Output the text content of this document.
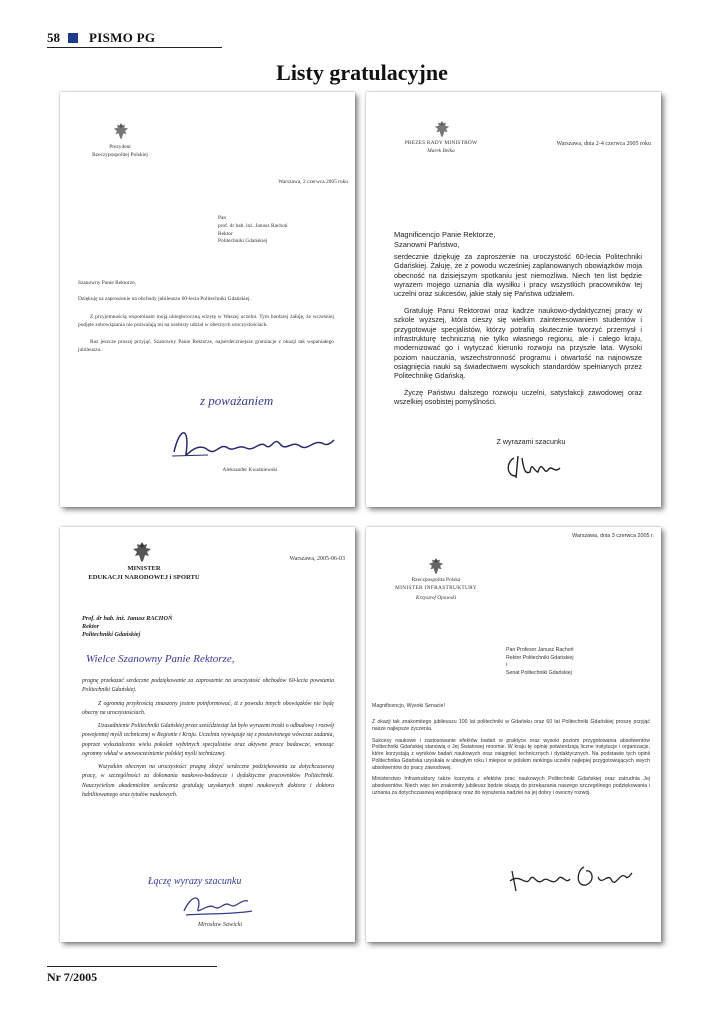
58 PISMO PG
Listy gratulacyjne
Prezydent
Rzeczypospolitej Polskiej
Warszawa, 2 czerwca 2005 roku
Pan
prof. dr hab. inż. Janusz Rachoń
Rektor
Politechniki Gdańskiej
Szanowny Panie Rektorze,

Dziękuję za zaproszenie na obchody jubileuszu 60-lecia Politechniki Gdańskiej.

Z przyjemnością wspominam moją ubiegłoroczną wizytę w Waszej uczelni. Tym bardziej żałuję, że wcześniej podjęte zobowiązania nie pozwalają mi na osobisty udział w obecnych uroczystościach.

Raz jeszcze proszę przyjąć, Szanowny Panie Rektorze, najserdeczniejsze gratulacje z okazji tak wspaniałego jubileuszu.

z poważaniem
Aleksander Kwaśniewski
PREZES RADY MINISTRÓW
Marek Belka
Warszawa, dnia 2-4 czerwca 2005 roku
Magnificencjo Panie Rektorze,
Szanowni Państwo,

serdecznie dziękuję za zaproszenie na uroczystość 60-lecia Politechniki Gdańskiej. Żałuję, że z powodu wcześniej zaplanowanych obowiązków moja obecność na dzisiejszym spotkaniu jest niemożliwa. Niech ten list będzie wyrazem mojego uznania dla wysiłku i pracy wszystkich pracowników tej uczelni oraz sukcesów, jakie stały się Państwa udziałem.

Gratuluję Panu Rektorowi oraz kadrze naukowo-dydaktycznej pracy w szkole wyższej, która cieszy się wielkim zainteresowaniem studentów i przygotowuje specjalistów, którzy potrafią skutecznie tworzyć przemysł i infrastrukturę techniczną nie tylko własnego regionu, ale i całego kraju, modernizować go i wytyczać kierunki rozwoju na przyszłe lata. Wysoki poziom nauczania, wszechstronność programu i otwartość na najnowsze osiągnięcia nauki są świadectwem wysokich standardów spełnianych przez Politechnikę Gdańską.

Życzę Państwu dalszego rozwoju uczelni, satysfakcji zawodowej oraz wszelkiej osobistej pomyślności.

Z wyrazami szacunku
MINISTER
EDUKACJI NARODOWEJ i SPORTU
Warszawa, 2005-06-03
Prof. dr hab. inż. Janusz RACHOŃ
Rektor
Politechniki Gdańskiej
Wielce Szanowny Panie Rektorze,

pragnę przekazać serdeczne podziękowanie za zaproszenie na uroczystość obchodów 60-lecia powstania Politechniki Gdańskiej.

Z ogromną przykrością zmuszony jestem poinformować, iż z powodu innych obowiązków nie będę obecny na uroczystościach.

Uzasadnienie Politechniki Gdańskiej przez sześćdziesiąt lat było wyrazem troski o odbudowę i rozwój powojennej myśli technicznej w Regionie i Kraju. Uczelnia wywiązuje się z postawionego wówczas zadania, poprzez wykształcenie wielu pokoleń wybitnych specjalistów oraz aktywne prace badawcze, wnosząc ogromny wkład w unowocześnienie polskiej myśli technicznej.

Wszystkim obecnym na uroczystości pragnę złożyć serdeczne podziękowania za dotychczasową pracę, w szczególności za dokonania naukowo-badawcze i dydaktyczne pracowników Politechniki. Nauczycielom akademickim serdecznie gratuluję uzyskanych stopni naukowych doktora i doktora habilitowanego oraz tytułów naukowych.

Łączę wyrazy szacunku
Mirosław Sawicki
Warszawa, dnia 3 czerwca 2005 r.
Rzeczpospolita Polska
MINISTER INFRASTRUKTURY
Krzysztof Opawski
Pan Profesor Janusz Rachoń
Rektor Politechniki Gdańskiej
i
Senat Politechniki Gdańskiej
Magnificencjo, Wysoki Senacie!

Z okazji tak znakomitego jubileuszu 100 lat politechniki w Gdańsku oraz 60 lat Politechniki Gdańskiej proszę przyjąć nasze najlepsze życzenia.

Sukcesy naukowe i zastosowanie efektów badań w praktyce oraz wysoki poziom przygotowania absolwentów Politechniki Gdańskiej stanowią o Jej Światowej renomie. W kraju tę opinię potwierdzają liczne instytucje i organizacje, które korzystają z wyników badań naukowych oraz osiągnięć technicznych i dydaktycznych. Na podstawie tych opinii Politechnika Gdańska uzyskała w ubiegłym roku I miejsce w polskim rankingu uczelni najlepiej przygotowujących swych absolwentów do pracy zawodowej.

Ministerstwo Infrastruktury także korzysta z efektów prac naukowych Politechniki Gdańskiej oraz zatrudnia Jej absolwentów. Niech więc ten znakomity jubileusz będzie okazją do przekazania naszego szczególnego podziękowania i uznania za dotychczasową współpracę oraz do wyrażenia nadziei na jej dobry i owocny rozwój.

Nr 7/2005
